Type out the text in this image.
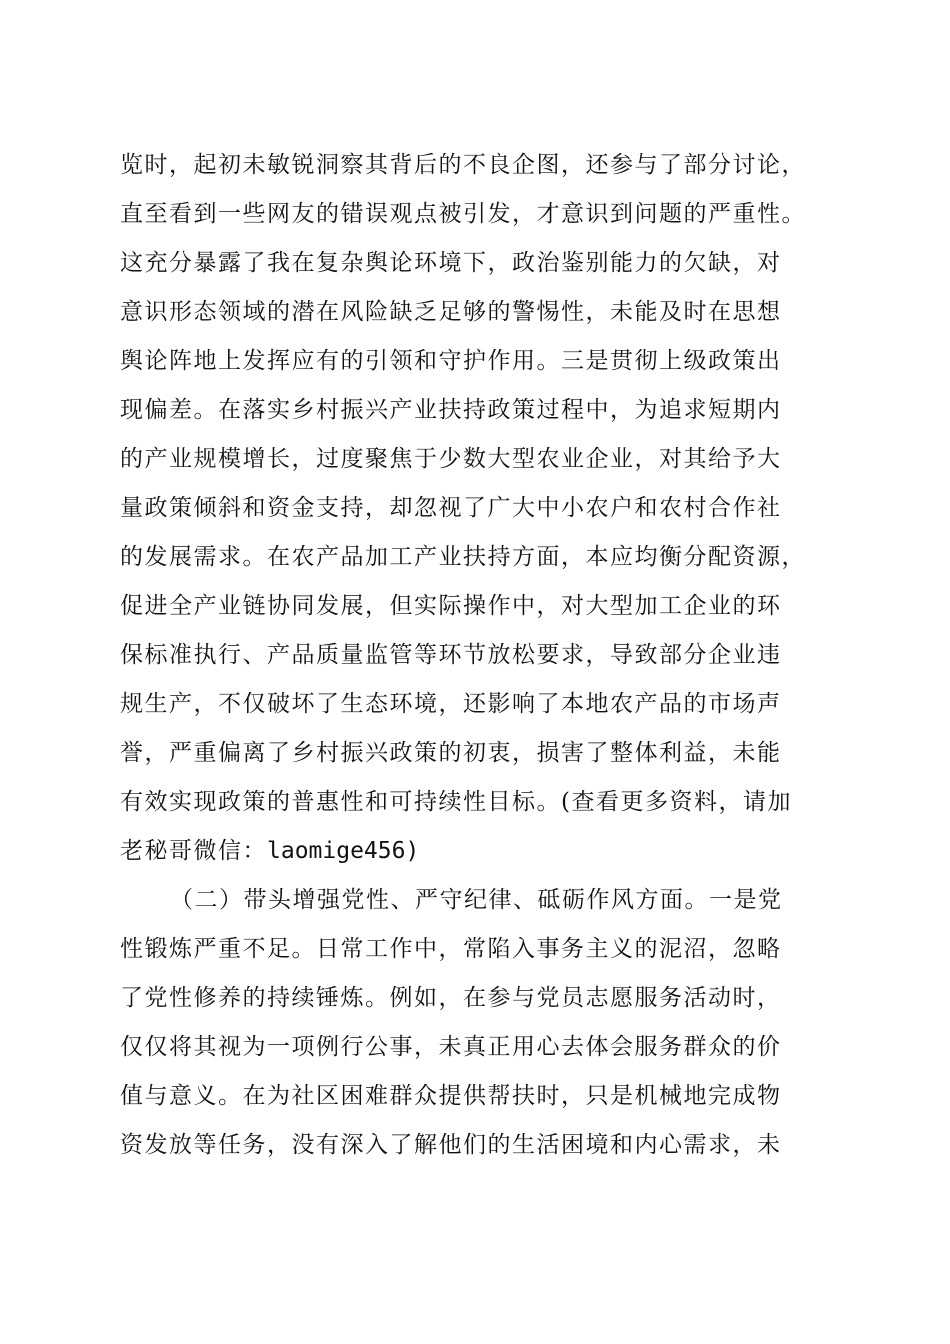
览时，起初未敏锐洞察其背后的不良企图，还参与了部分讨论，
直至看到一些网友的错误观点被引发，才意识到问题的严重性。
这充分暴露了我在复杂舆论环境下，政治鉴别能力的欠缺，对
意识形态领域的潜在风险缺乏足够的警惕性，未能及时在思想
舆论阵地上发挥应有的引领和守护作用。三是贯彻上级政策出
现偏差。在落实乡村振兴产业扶持政策过程中，为追求短期内
的产业规模增长，过度聚焦于少数大型农业企业，对其给予大
量政策倾斜和资金支持，却忽视了广大中小农户和农村合作社
的发展需求。在农产品加工产业扶持方面，本应均衡分配资源，
促进全产业链协同发展，但实际操作中，对大型加工企业的环
保标准执行、产品质量监管等环节放松要求，导致部分企业违
规生产，不仅破坏了生态环境，还影响了本地农产品的市场声
誉，严重偏离了乡村振兴政策的初衷，损害了整体利益，未能
有效实现政策的普惠性和可持续性目标。(查看更多资料，请加
老秘哥微信：laomige456)
（二）带头增强党性、严守纪律、砥砺作风方面。一是党
性锻炼严重不足。日常工作中，常陷入事务主义的泥沼，忽略
了党性修养的持续锤炼。例如，在参与党员志愿服务活动时，
仅仅将其视为一项例行公事，未真正用心去体会服务群众的价
值与意义。在为社区困难群众提供帮扶时，只是机械地完成物
资发放等任务，没有深入了解他们的生活困境和内心需求，未
